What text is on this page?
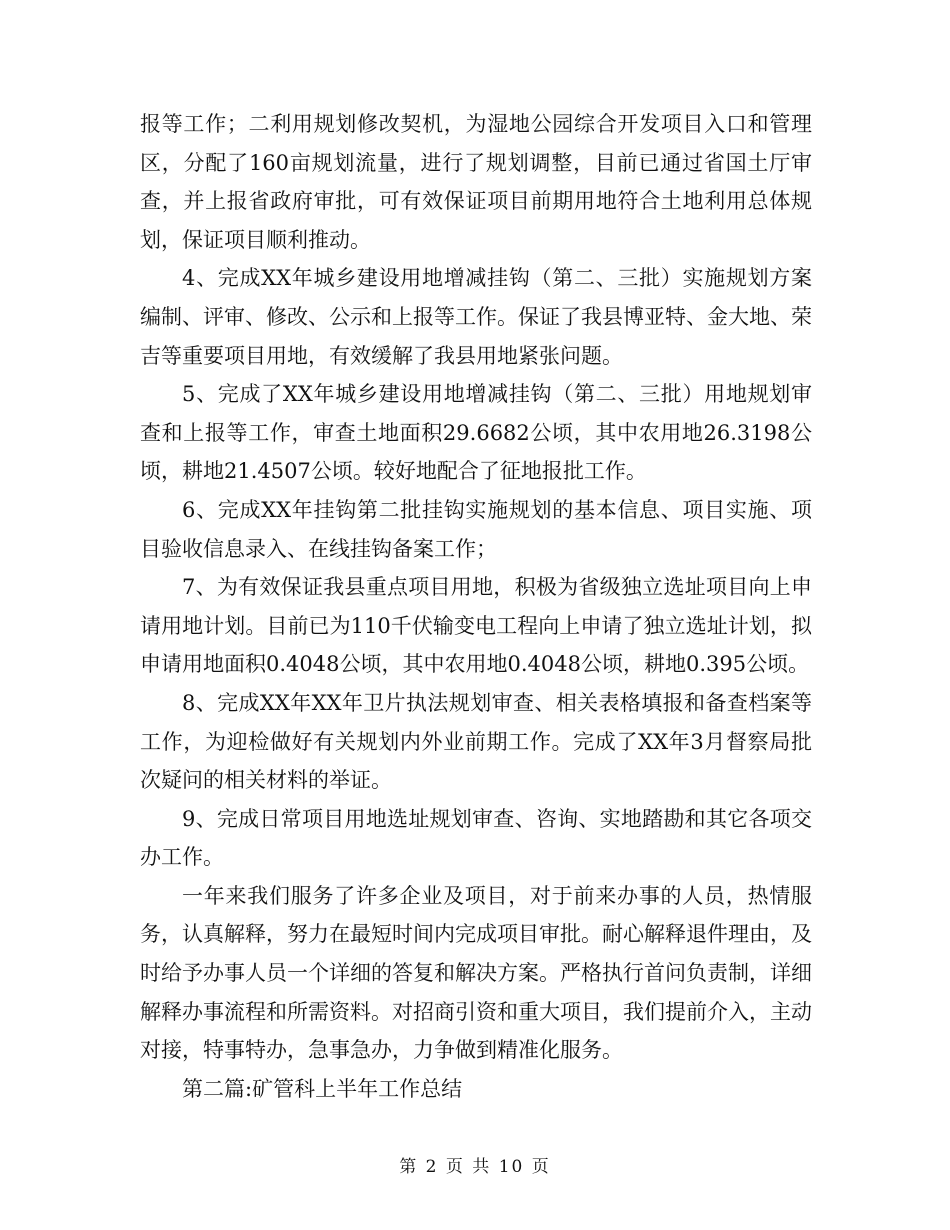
报等工作；二利用规划修改契机，为湿地公园综合开发项目入口和管理区，分配了160亩规划流量，进行了规划调整，目前已通过省国土厅审查，并上报省政府审批，可有效保证项目前期用地符合土地利用总体规划，保证项目顺利推动。

4、完成XX年城乡建设用地增减挂钩（第二、三批）实施规划方案编制、评审、修改、公示和上报等工作。保证了我县博亚特、金大地、荣吉等重要项目用地，有效缓解了我县用地紧张问题。

5、完成了XX年城乡建设用地增减挂钩（第二、三批）用地规划审查和上报等工作，审查土地面积29.6682公顷，其中农用地26.3198公顷，耕地21.4507公顷。较好地配合了征地报批工作。

6、完成XX年挂钩第二批挂钩实施规划的基本信息、项目实施、项目验收信息录入、在线挂钩备案工作；

7、为有效保证我县重点项目用地，积极为省级独立选址项目向上申请用地计划。目前已为110千伏输变电工程向上申请了独立选址计划，拟申请用地面积0.4048公顷，其中农用地0.4048公顷，耕地0.395公顷。

8、完成XX年XX年卫片执法规划审查、相关表格填报和备查档案等工作，为迎检做好有关规划内外业前期工作。完成了XX年3月督察局批次疑问的相关材料的举证。

9、完成日常项目用地选址规划审查、咨询、实地踏勘和其它各项交办工作。

一年来我们服务了许多企业及项目，对于前来办事的人员，热情服务，认真解释，努力在最短时间内完成项目审批。耐心解释退件理由，及时给予办事人员一个详细的答复和解决方案。严格执行首问负责制，详细解释办事流程和所需资料。对招商引资和重大项目，我们提前介入，主动对接，特事特办，急事急办，力争做到精准化服务。

第二篇:矿管科上半年工作总结

第 2 页 共 10 页
